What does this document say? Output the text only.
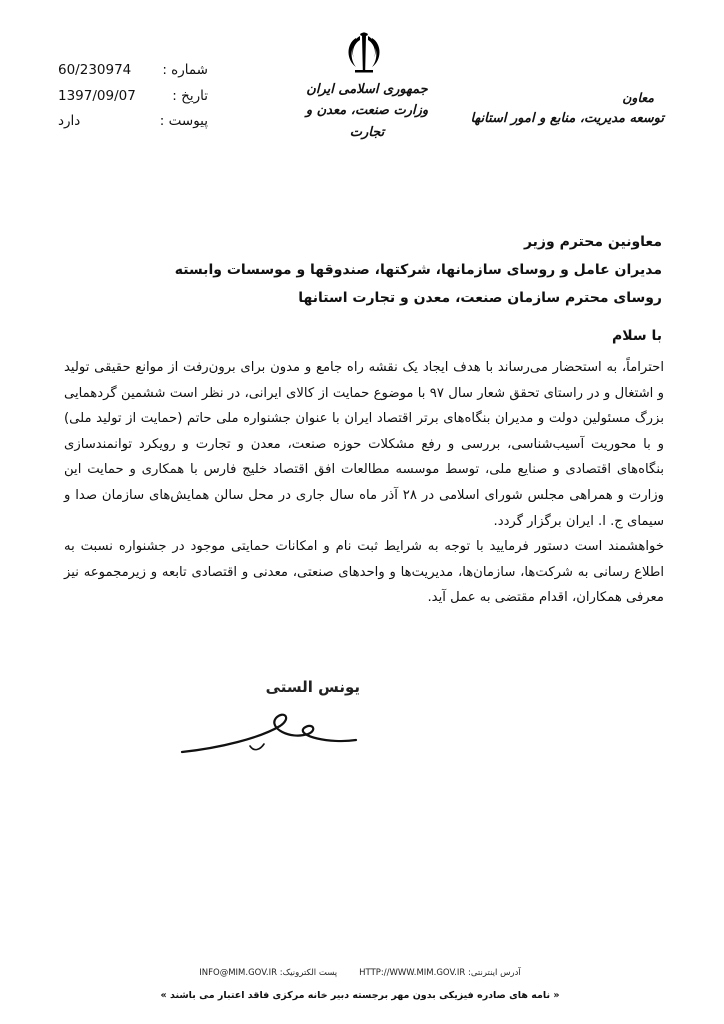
60/230974 شماره :
1397/09/07	تاریخ :
دارد	پیوست :
جمهوری اسلامی ایران
وزارت صنعت، معدن و تجارت
معاون
توسعه مدیریت، منابع و امور استانها
معاونین محترم وزیر
مدیران عامل و روسای سازمانها، شرکتها، صندوقها و موسسات وابسته
روسای محترم سازمان صنعت، معدن و تجارت استانها
با سلام

احتراماً، به استحضار می‌رساند با هدف ایجاد یک نقشه راه جامع و مدون برای برون‌رفت از موانع حقیقی تولید و اشتغال و در راستای تحقق شعار سال ۹۷ با موضوع حمایت از کالای ایرانی، در نظر است ششمین گردهمایی بزرگ مسئولین دولت و مدیران بنگاه‌های برتر اقتصاد ایران با عنوان جشنواره ملی حاتم (حمایت از تولید ملی) و با محوریت آسیب‌شناسی، بررسی و رفع مشکلات حوزه صنعت، معدن و تجارت و رویکرد توانمندسازی بنگاه‌های اقتصادی و صنایع ملی، توسط موسسه مطالعات افق اقتصاد خلیج فارس با همکاری و حمایت این وزارت و همراهی مجلس شورای اسلامی در ۲۸ آذر ماه سال جاری در محل سالن همایش‌های سازمان صدا و سیمای ج. ا. ایران برگزار گردد.

خواهشمند است دستور فرمایید با توجه به شرایط ثبت نام و امکانات حمایتی موجود در جشنواره نسبت به اطلاع رسانی به شرکت‌ها، سازمان‌ها، مدیریت‌ها و واحدهای صنعتی، معدنی و اقتصادی تابعه و زیرمجموعه نیز معرفی همکاران، اقدام مقتضی به عمل آید.

یونس الستی
INFO@MIM.GOV.IR پست الکترونیک:	HTTP://WWW.MIM.GOV.IR آدرس اینترنتی:
« نامه های صادره فیزیکی بدون مهر برجسته دبیر خانه مرکزی فاقد اعتبار می باشند »
